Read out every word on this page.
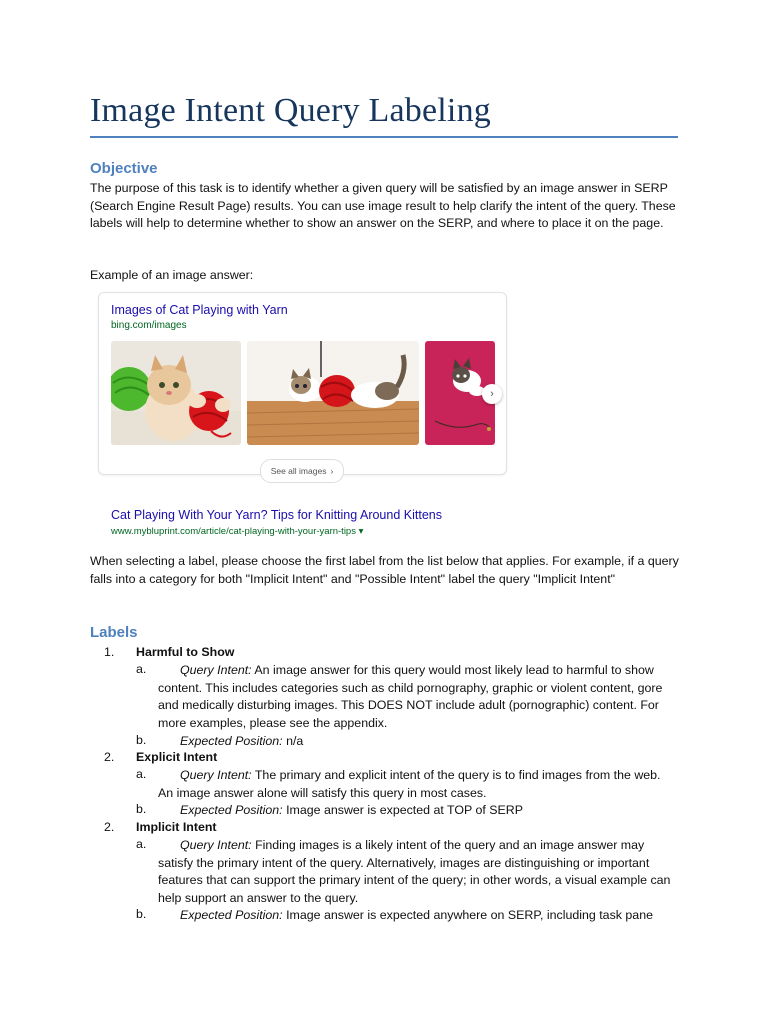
Image Intent Query Labeling
Objective
The purpose of this task is to identify whether a given query will be satisfied by an image answer in SERP (Search Engine Result Page) results. You can use image result to help clarify the intent of the query. These labels will help to determine whether to show an answer on the SERP, and where to place it on the page.
Example of an image answer:
Images of Cat Playing with Yarn
bing.com/images
›
See all images ›
Cat Playing With Your Yarn? Tips for Knitting Around Kittens
www.mybluprint.com/article/cat-playing-with-your-yarn-tips ▾
When selecting a label, please choose the first label from the list below that applies. For example, if a query falls into a category for both "Implicit Intent" and "Possible Intent" label the query "Implicit Intent"
Labels
1. Harmful to Show
a.	Query Intent: An image answer for this query would most likely lead to harmful to show content. This includes categories such as child pornography, graphic or violent content, gore and medically disturbing images. This DOES NOT include adult (pornographic) content. For more examples, please see the appendix.
b.	Expected Position: n/a
2. Explicit Intent
a.	Query Intent: The primary and explicit intent of the query is to find images from the web. An image answer alone will satisfy this query in most cases.
b.	Expected Position: Image answer is expected at TOP of SERP
2. Implicit Intent
a.	Query Intent: Finding images is a likely intent of the query and an image answer may satisfy the primary intent of the query. Alternatively, images are distinguishing or important features that can support the primary intent of the query; in other words, a visual example can help support an answer to the query.
b.	Expected Position: Image answer is expected anywhere on SERP, including task pane
